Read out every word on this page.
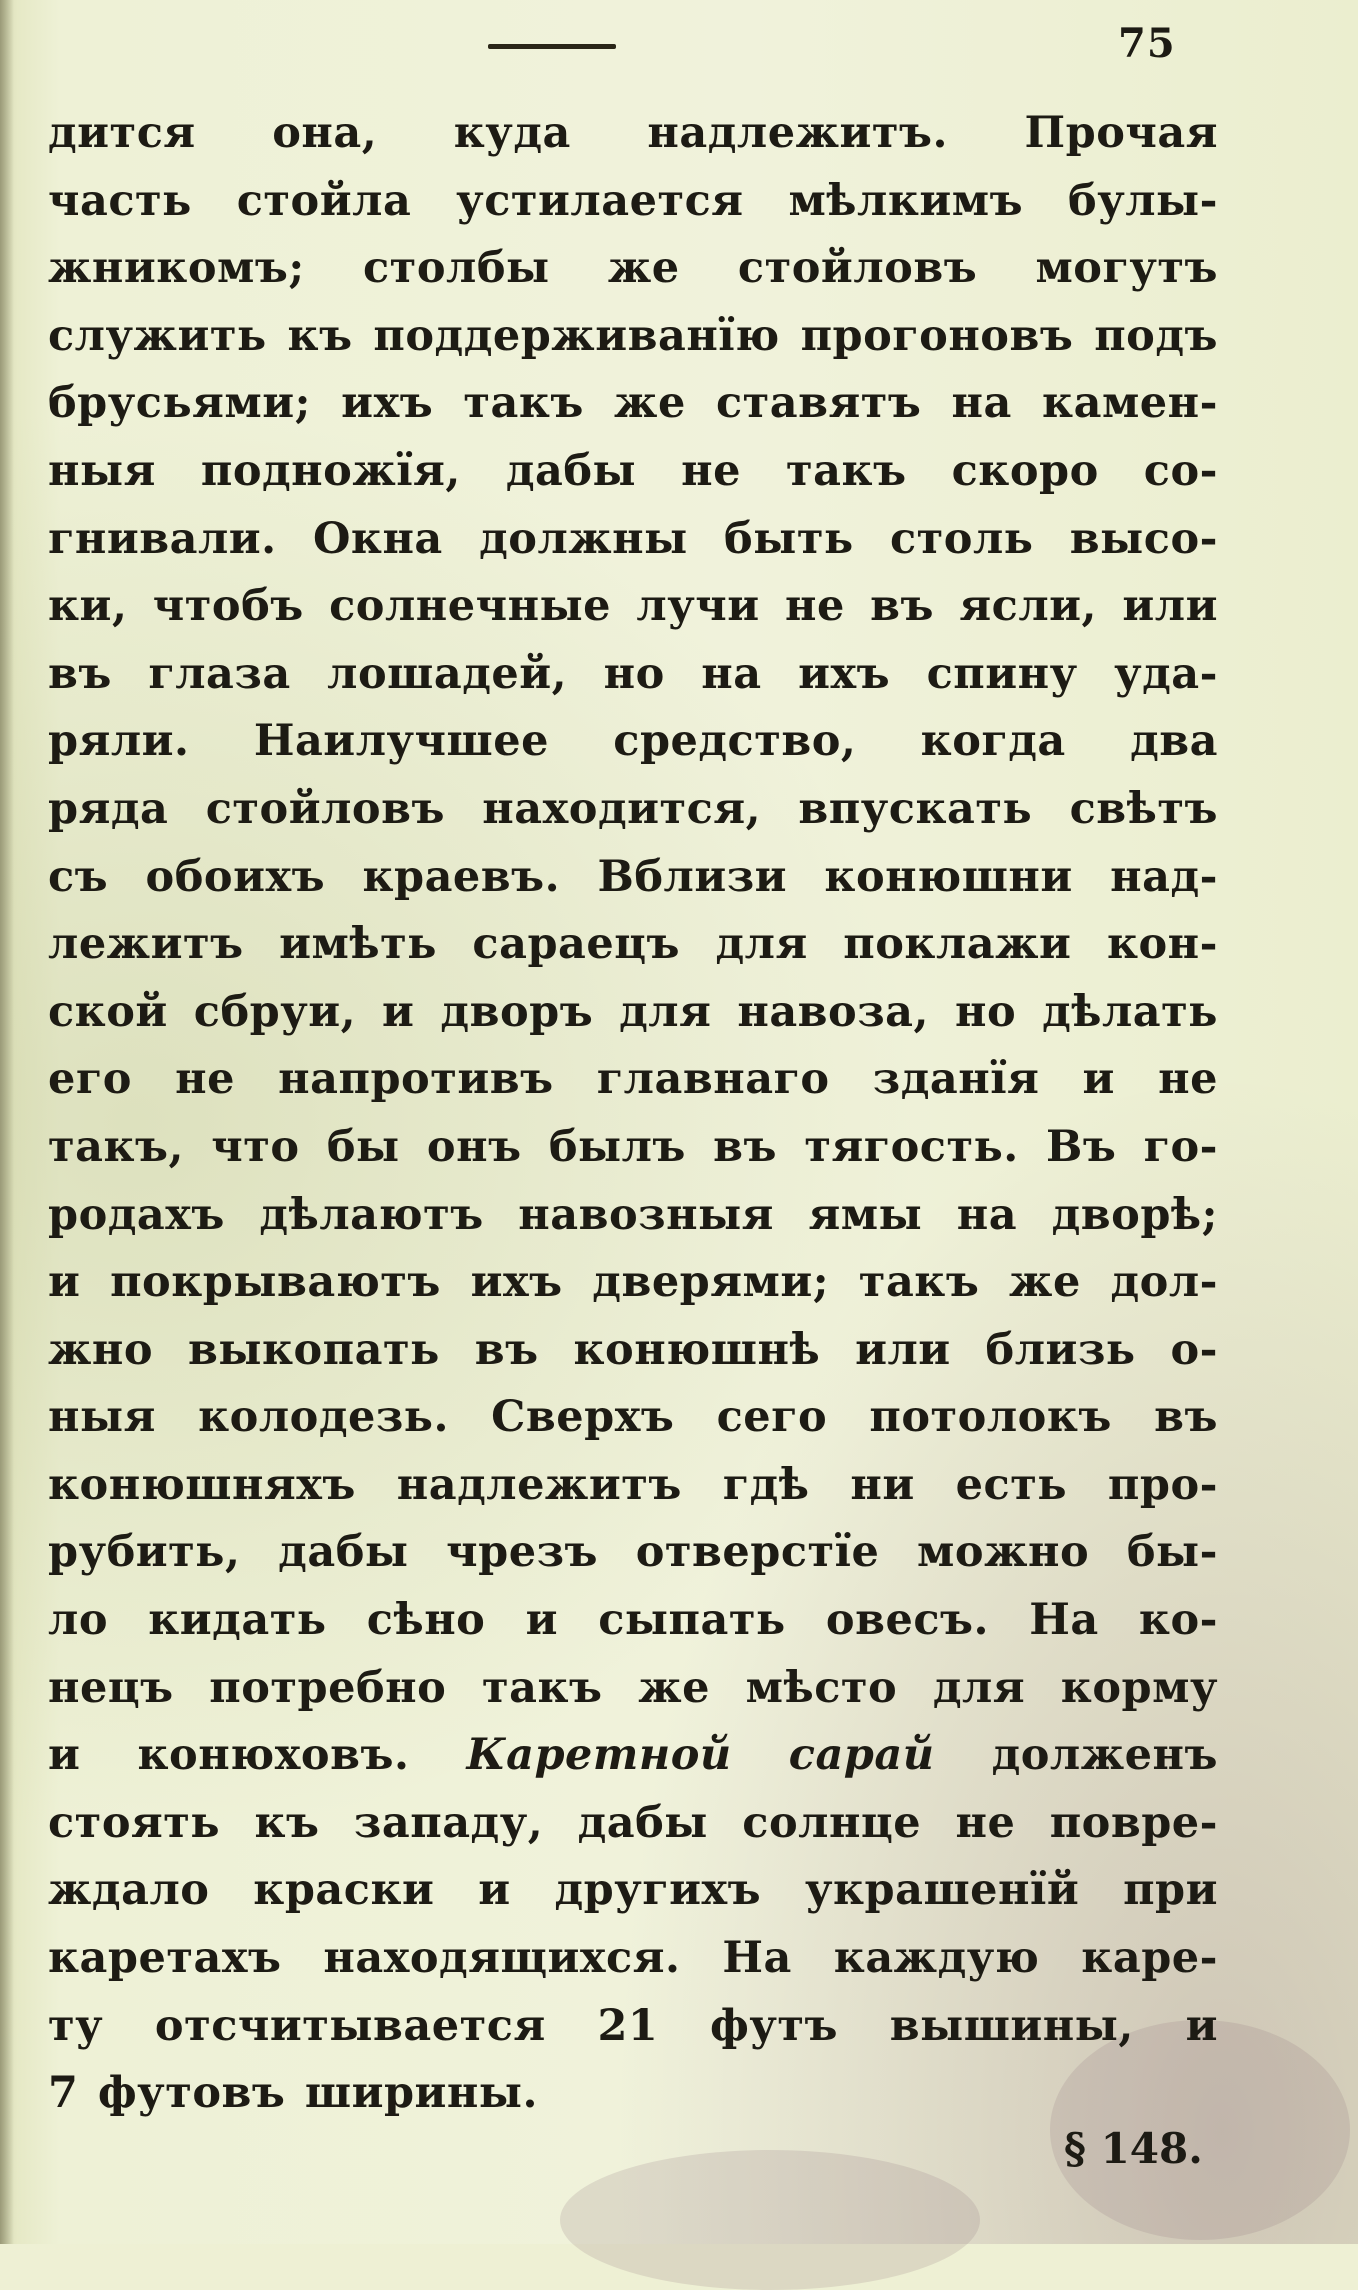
75
дится она, куда надлежитъ. Прочая
часть стойла устилается мѣлкимъ булы-
жникомъ; столбы же стойловъ могутъ
служить къ поддерживанїю прогоновъ подъ
брусьями; ихъ такъ же ставятъ на камен-
ныя подножїя, дабы не такъ скоро со-
гнивали. Окна должны быть столь высо-
ки, чтобъ солнечные лучи не въ ясли, или
въ глаза лошадей, но на ихъ спину уда-
ряли. Наилучшее средство, когда два
ряда стойловъ находится, впускать свѣтъ
съ обоихъ краевъ. Вблизи конюшни над-
лежитъ имѣть сараецъ для поклажи кон-
ской сбруи, и дворъ для навоза, но дѣлать
его не напротивъ главнаго зданїя и не
такъ, что бы онъ былъ въ тягость. Въ го-
родахъ дѣлаютъ навозныя ямы на дворѣ;
и покрываютъ ихъ дверями; такъ же дол-
жно выкопать въ конюшнѣ или близь о-
ныя колодезь. Сверхъ сего потолокъ въ
конюшняхъ надлежитъ гдѣ ни есть про-
рубить, дабы чрезъ отверстїе можно бы-
ло кидать сѣно и сыпать овесъ. На ко-
нецъ потребно такъ же мѣсто для корму
и конюховъ. Каретной сарай долженъ
стоять къ западу, дабы солнце не повре-
ждало краски и другихъ украшенїй при
каретахъ находящихся. На каждую каре-
ту отсчитывается 21 футъ вышины, и
7 футовъ ширины.
§ 148.
